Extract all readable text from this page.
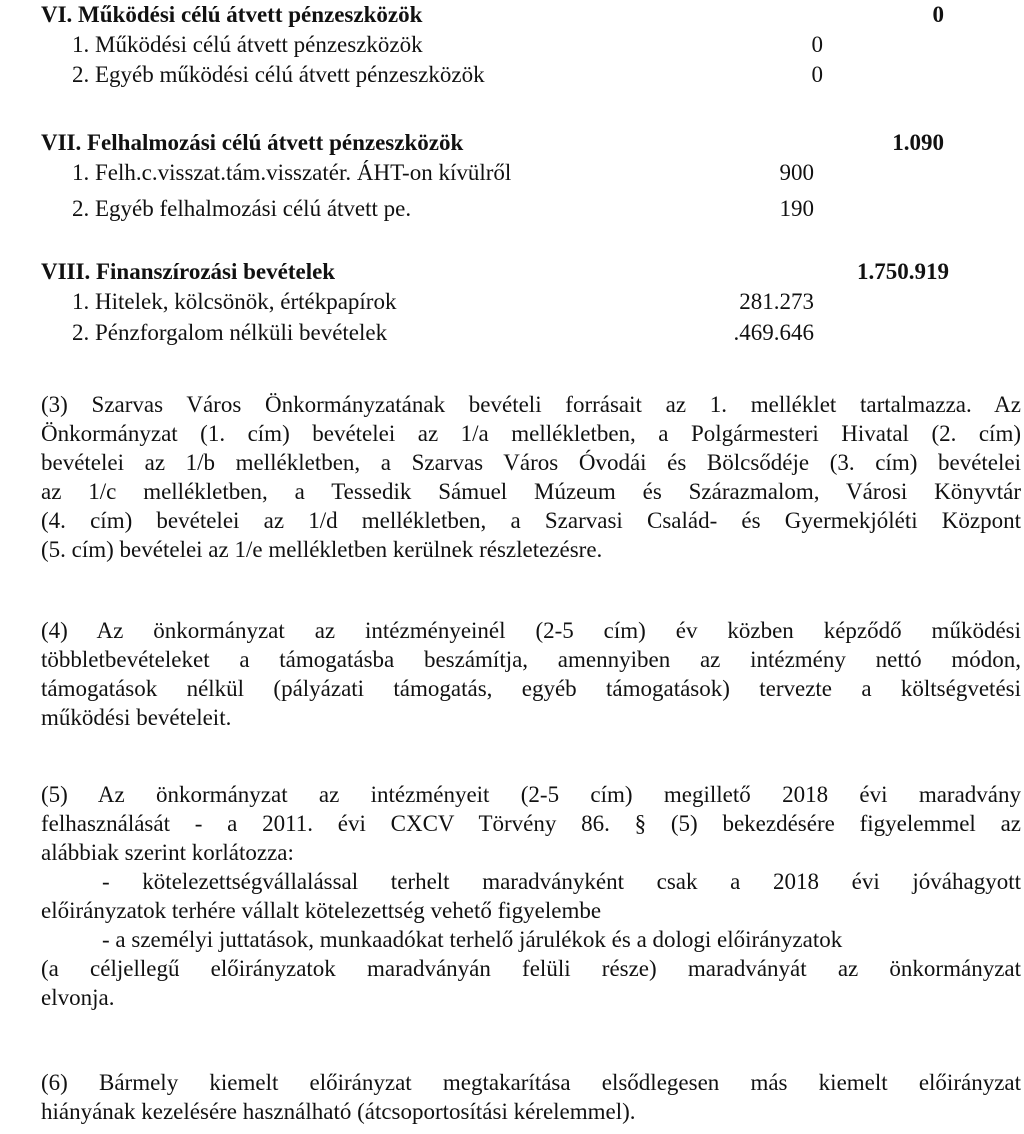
VI. Működési célú átvett pénzeszközök	0
1. Működési célú átvett pénzeszközök	0
2. Egyéb működési célú átvett pénzeszközök	0
VII. Felhalmozási célú átvett pénzeszközök	1.090
1. Felh.c.visszat.tám.visszatér. ÁHT-on kívülről	900
2. Egyéb felhalmozási célú átvett pe.	190
VIII. Finanszírozási bevételek	1.750.919
1. Hitelek, kölcsönök, értékpapírok	281.273
2. Pénzforgalom nélküli bevételek	.469.646
(3) Szarvas Város Önkormányzatának bevételi forrásait az 1. melléklet tartalmazza. Az
Önkormányzat (1. cím) bevételei az 1/a mellékletben, a Polgármesteri Hivatal (2. cím)
bevételei az 1/b mellékletben, a Szarvas Város Óvodái és Bölcsődéje (3. cím) bevételei
az 1/c mellékletben, a Tessedik Sámuel Múzeum és Szárazmalom, Városi Könyvtár
(4. cím) bevételei az 1/d mellékletben, a Szarvasi Család- és Gyermekjóléti Központ
(5. cím) bevételei az 1/e mellékletben kerülnek részletezésre.
(4) Az önkormányzat az intézményeinél (2-5 cím) év közben képződő működési
többletbevételeket a támogatásba beszámítja, amennyiben az intézmény nettó módon,
támogatások nélkül (pályázati támogatás, egyéb támogatások) tervezte a költségvetési
működési bevételeit.
(5) Az önkormányzat az intézményeit (2-5 cím) megillető 2018 évi maradvány
felhasználását - a 2011. évi CXCV Törvény 86. § (5) bekezdésére figyelemmel az
alábbiak szerint korlátozza:
- kötelezettségvállalással terhelt maradványként csak a 2018 évi jóváhagyott
előirányzatok terhére vállalt kötelezettség vehető figyelembe
- a személyi juttatások, munkaadókat terhelő járulékok és a dologi előirányzatok
(a céljellegű előirányzatok maradványán felüli része) maradványát az önkormányzat
elvonja.
(6) Bármely kiemelt előirányzat megtakarítása elsődlegesen más kiemelt előirányzat
hiányának kezelésére használható (átcsoportosítási kérelemmel).
